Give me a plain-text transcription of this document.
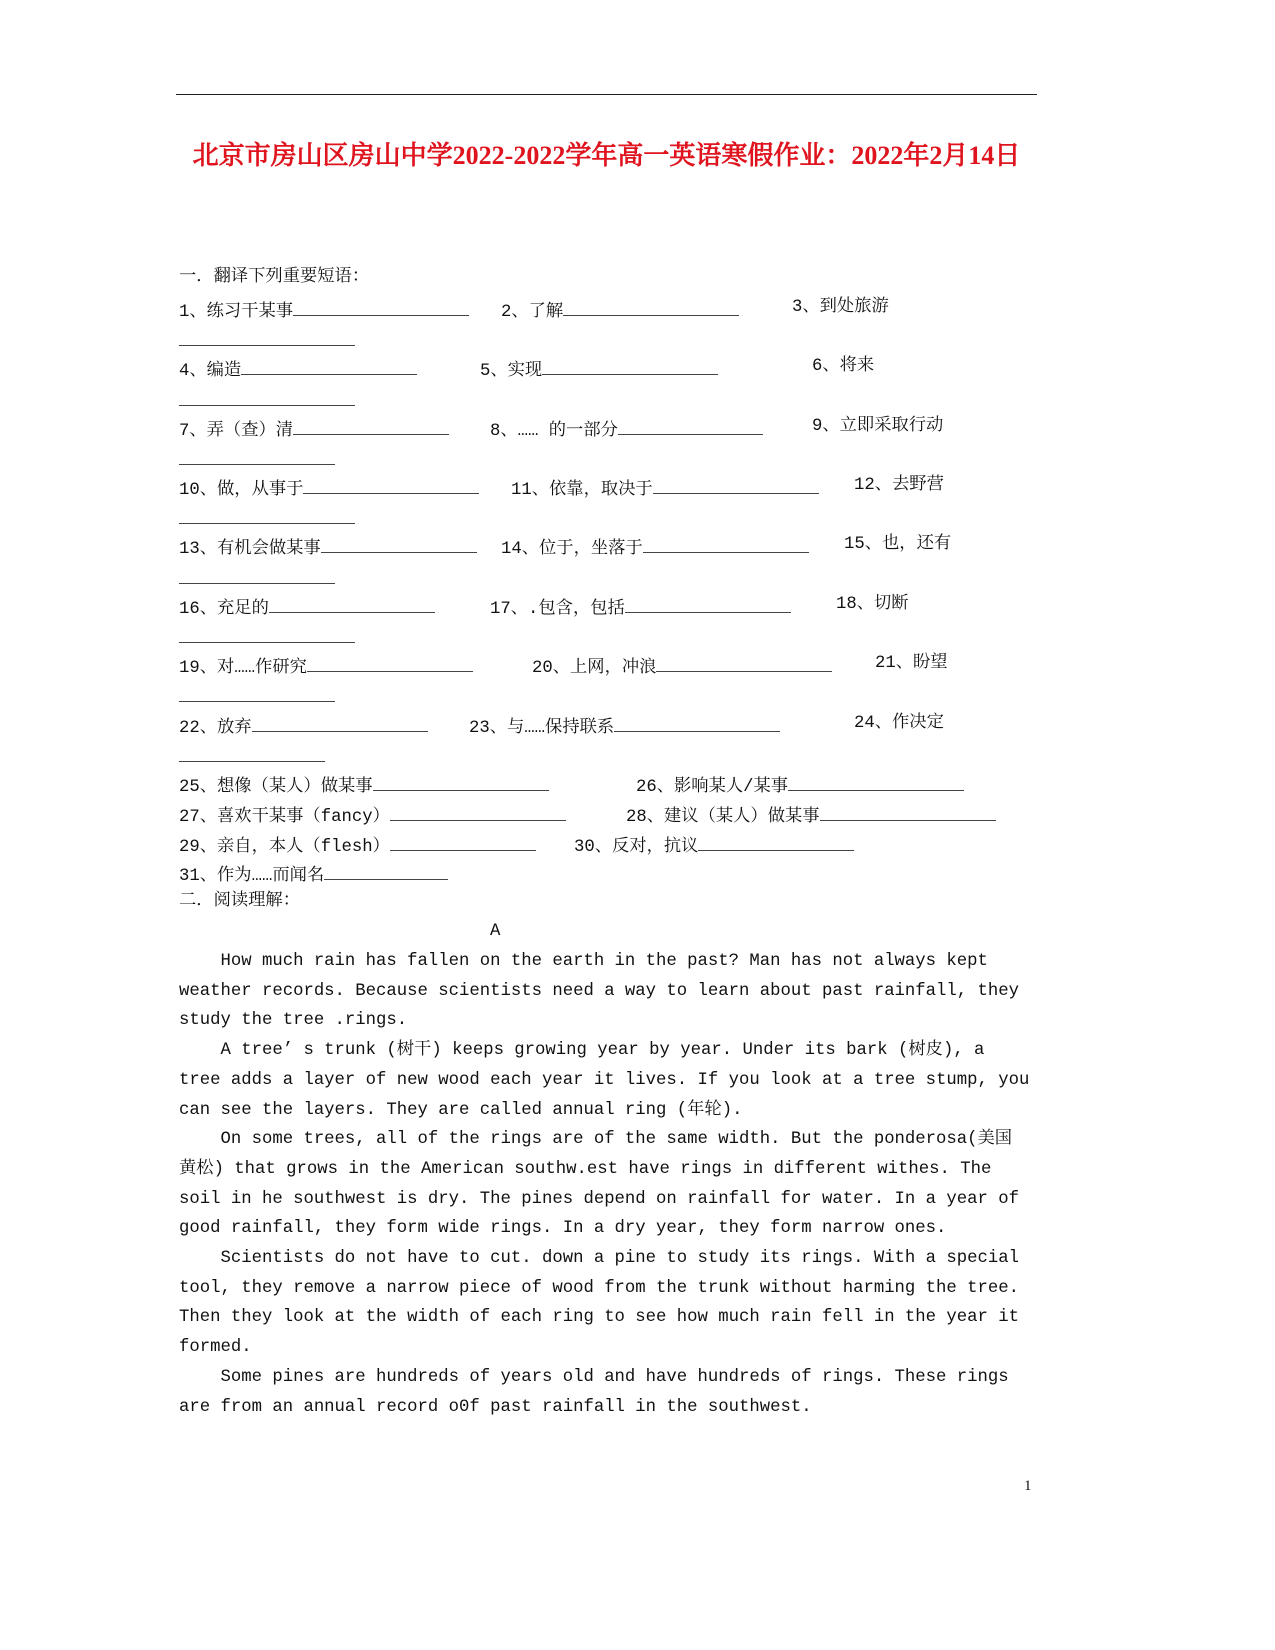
北京市房山区房山中学2022-2022学年高一英语寒假作业：2022年2月14日
一．翻译下列重要短语：
1、练习干某事	2、了解	3、到处旅游
4、编造	5、实现	6、将来
7、弄（查）清	8、…… 的一部分	9、立即采取行动
10、做，从事于	11、依靠，取决于	12、去野营
13、有机会做某事	14、位于，坐落于	15、也，还有
16、充足的	17、.包含，包括	18、切断
19、对……作研究	20、上网，冲浪	21、盼望
22、放弃	23、与……保持联系	24、作决定
25、想像（某人）做某事	26、影响某人/某事
27、喜欢干某事（fancy）	28、建议（某人）做某事
29、亲自，本人（flesh）	30、反对，抗议
31、作为……而闻名
二．阅读理解：
A
How much rain has fallen on the earth in the past? Man has not always kept
weather records. Because scientists need a way to learn about past rainfall, they
study the tree .rings.
A tree’ s trunk (树干) keeps growing year by year. Under its bark (树皮), a
tree adds a layer of new wood each year it lives. If you look at a tree stump, you
can see the layers. They are called annual ring (年轮).
On some trees, all of the rings are of the same width. But the ponderosa(美国
黄松) that grows in the American southw.est have rings in different withes. The
soil in he southwest is dry. The pines depend on rainfall for water. In a year of
good rainfall, they form wide rings. In a dry year, they form narrow ones.
Scientists do not have to cut. down a pine to study its rings. With a special
tool, they remove a narrow piece of wood from the trunk without harming the tree.
Then they look at the width of each ring to see how much rain fell in the year it
formed.
Some pines are hundreds of years old and have hundreds of rings. These rings
are from an annual record o0f past rainfall in the southwest.
1
